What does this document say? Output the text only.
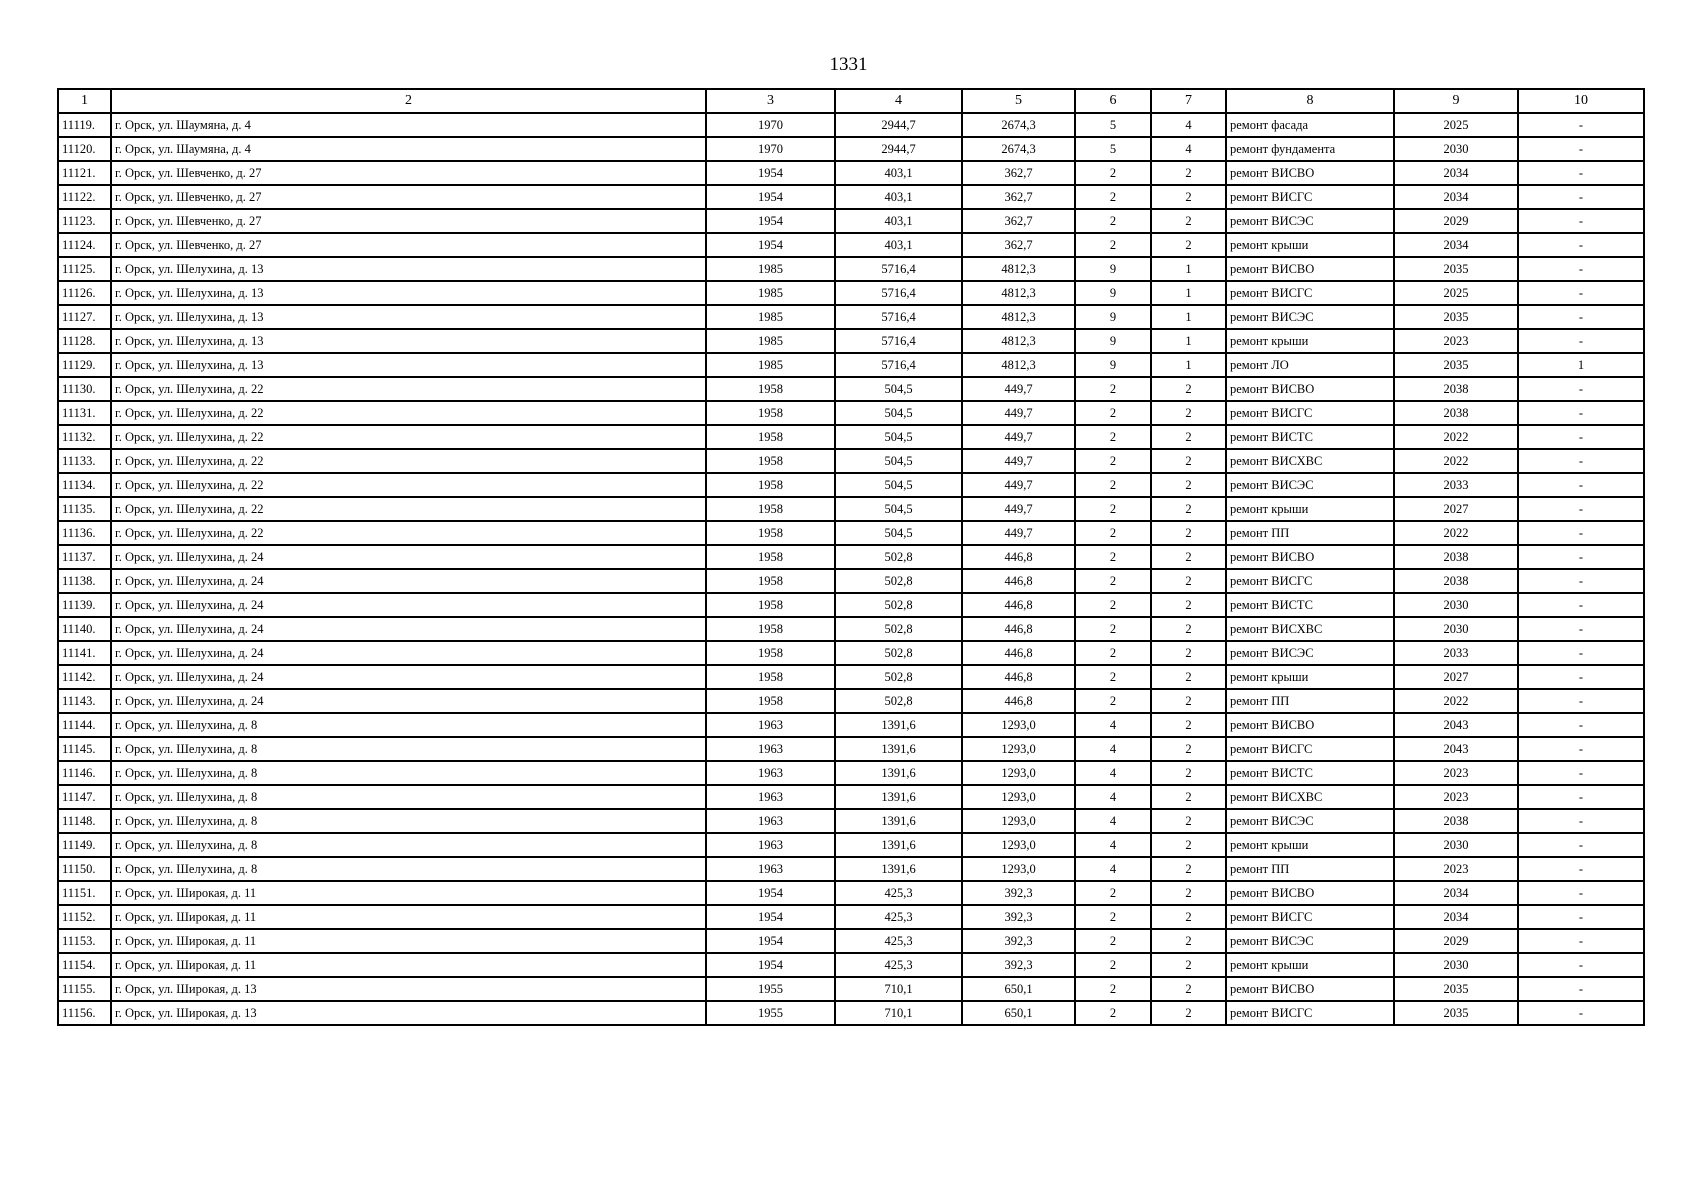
1331
1	2	3	4	5	6	7	8	9	10
11119.	г. Орск, ул. Шаумяна, д. 4	1970	2944,7	2674,3	5	4	ремонт фасада	2025	-
11120.	г. Орск, ул. Шаумяна, д. 4	1970	2944,7	2674,3	5	4	ремонт фундамента	2030	-
11121.	г. Орск, ул. Шевченко, д. 27	1954	403,1	362,7	2	2	ремонт ВИСВО	2034	-
11122.	г. Орск, ул. Шевченко, д. 27	1954	403,1	362,7	2	2	ремонт ВИСГС	2034	-
11123.	г. Орск, ул. Шевченко, д. 27	1954	403,1	362,7	2	2	ремонт ВИСЭС	2029	-
11124.	г. Орск, ул. Шевченко, д. 27	1954	403,1	362,7	2	2	ремонт крыши	2034	-
11125.	г. Орск, ул. Шелухина, д. 13	1985	5716,4	4812,3	9	1	ремонт ВИСВО	2035	-
11126.	г. Орск, ул. Шелухина, д. 13	1985	5716,4	4812,3	9	1	ремонт ВИСГС	2025	-
11127.	г. Орск, ул. Шелухина, д. 13	1985	5716,4	4812,3	9	1	ремонт ВИСЭС	2035	-
11128.	г. Орск, ул. Шелухина, д. 13	1985	5716,4	4812,3	9	1	ремонт крыши	2023	-
11129.	г. Орск, ул. Шелухина, д. 13	1985	5716,4	4812,3	9	1	ремонт ЛО	2035	1
11130.	г. Орск, ул. Шелухина, д. 22	1958	504,5	449,7	2	2	ремонт ВИСВО	2038	-
11131.	г. Орск, ул. Шелухина, д. 22	1958	504,5	449,7	2	2	ремонт ВИСГС	2038	-
11132.	г. Орск, ул. Шелухина, д. 22	1958	504,5	449,7	2	2	ремонт ВИСТС	2022	-
11133.	г. Орск, ул. Шелухина, д. 22	1958	504,5	449,7	2	2	ремонт ВИСХВС	2022	-
11134.	г. Орск, ул. Шелухина, д. 22	1958	504,5	449,7	2	2	ремонт ВИСЭС	2033	-
11135.	г. Орск, ул. Шелухина, д. 22	1958	504,5	449,7	2	2	ремонт крыши	2027	-
11136.	г. Орск, ул. Шелухина, д. 22	1958	504,5	449,7	2	2	ремонт ПП	2022	-
11137.	г. Орск, ул. Шелухина, д. 24	1958	502,8	446,8	2	2	ремонт ВИСВО	2038	-
11138.	г. Орск, ул. Шелухина, д. 24	1958	502,8	446,8	2	2	ремонт ВИСГС	2038	-
11139.	г. Орск, ул. Шелухина, д. 24	1958	502,8	446,8	2	2	ремонт ВИСТС	2030	-
11140.	г. Орск, ул. Шелухина, д. 24	1958	502,8	446,8	2	2	ремонт ВИСХВС	2030	-
11141.	г. Орск, ул. Шелухина, д. 24	1958	502,8	446,8	2	2	ремонт ВИСЭС	2033	-
11142.	г. Орск, ул. Шелухина, д. 24	1958	502,8	446,8	2	2	ремонт крыши	2027	-
11143.	г. Орск, ул. Шелухина, д. 24	1958	502,8	446,8	2	2	ремонт ПП	2022	-
11144.	г. Орск, ул. Шелухина, д. 8	1963	1391,6	1293,0	4	2	ремонт ВИСВО	2043	-
11145.	г. Орск, ул. Шелухина, д. 8	1963	1391,6	1293,0	4	2	ремонт ВИСГС	2043	-
11146.	г. Орск, ул. Шелухина, д. 8	1963	1391,6	1293,0	4	2	ремонт ВИСТС	2023	-
11147.	г. Орск, ул. Шелухина, д. 8	1963	1391,6	1293,0	4	2	ремонт ВИСХВС	2023	-
11148.	г. Орск, ул. Шелухина, д. 8	1963	1391,6	1293,0	4	2	ремонт ВИСЭС	2038	-
11149.	г. Орск, ул. Шелухина, д. 8	1963	1391,6	1293,0	4	2	ремонт крыши	2030	-
11150.	г. Орск, ул. Шелухина, д. 8	1963	1391,6	1293,0	4	2	ремонт ПП	2023	-
11151.	г. Орск, ул. Широкая, д. 11	1954	425,3	392,3	2	2	ремонт ВИСВО	2034	-
11152.	г. Орск, ул. Широкая, д. 11	1954	425,3	392,3	2	2	ремонт ВИСГС	2034	-
11153.	г. Орск, ул. Широкая, д. 11	1954	425,3	392,3	2	2	ремонт ВИСЭС	2029	-
11154.	г. Орск, ул. Широкая, д. 11	1954	425,3	392,3	2	2	ремонт крыши	2030	-
11155.	г. Орск, ул. Широкая, д. 13	1955	710,1	650,1	2	2	ремонт ВИСВО	2035	-
11156.	г. Орск, ул. Широкая, д. 13	1955	710,1	650,1	2	2	ремонт ВИСГС	2035	-
